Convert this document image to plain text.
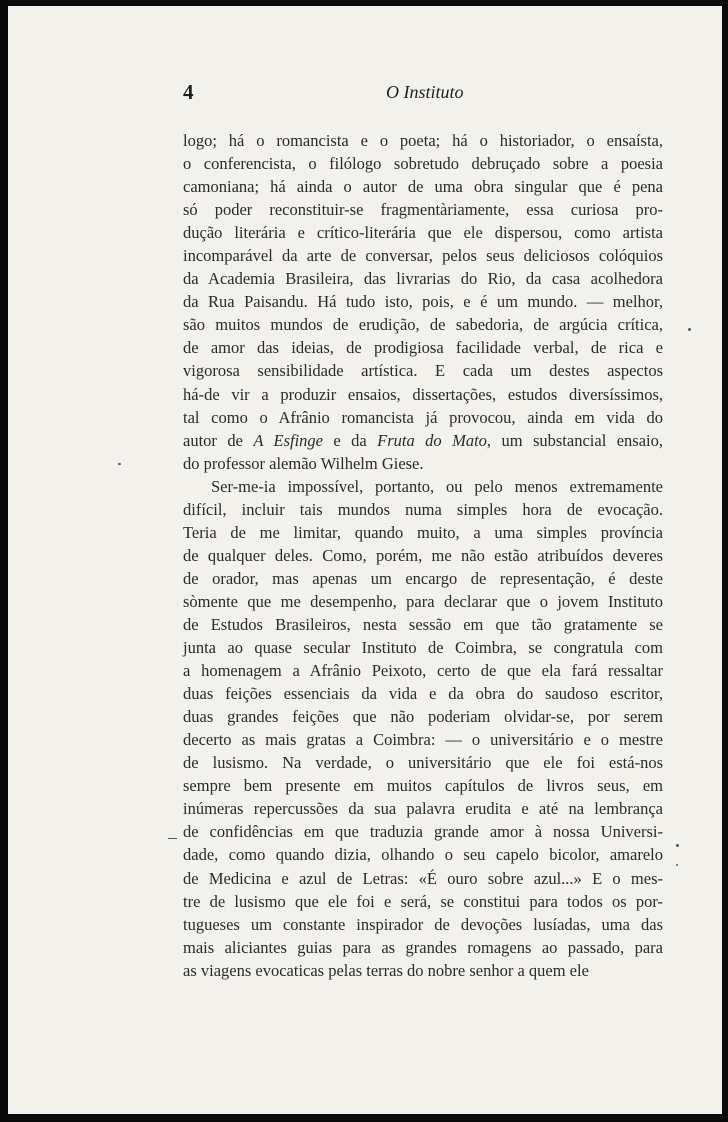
4	O Instituto
logo; há o romancista e o poeta; há o historiador, o ensaísta,
o conferencista, o filólogo sobretudo debruçado sobre a poesia
camoniana; há ainda o autor de uma obra singular que é pena
só poder reconstituir-se fragmentàriamente, essa curiosa pro-
dução literária e crítico-literária que ele dispersou, como artista
incomparável da arte de conversar, pelos seus deliciosos colóquios
da Academia Brasileira, das livrarias do Rio, da casa acolhedora
da Rua Paisandu. Há tudo isto, pois, e é um mundo. — melhor,
são muitos mundos de erudição, de sabedoria, de argúcia crítica,
de amor das ideias, de prodigiosa facilidade verbal, de rica e
vigorosa sensibilidade artística. E cada um destes aspectos
há-de vir a produzir ensaios, dissertações, estudos diversíssimos,
tal como o Afrânio romancista já provocou, ainda em vida do
autor de A Esfinge e da Fruta do Mato, um substancial ensaio,
do professor alemão Wilhelm Giese.
Ser-me-ia impossível, portanto, ou pelo menos extremamente
difícil, incluir tais mundos numa simples hora de evocação.
Teria de me limitar, quando muito, a uma simples província
de qualquer deles. Como, porém, me não estão atribuídos deveres
de orador, mas apenas um encargo de representação, é deste
sòmente que me desempenho, para declarar que o jovem Instituto
de Estudos Brasileiros, nesta sessão em que tão gratamente se
junta ao quase secular Instituto de Coimbra, se congratula com
a homenagem a Afrânio Peixoto, certo de que ela fará ressaltar
duas feições essenciais da vida e da obra do saudoso escritor,
duas grandes feições que não poderiam olvidar-se, por serem
decerto as mais gratas a Coimbra: — o universitário e o mestre
de lusismo. Na verdade, o universitário que ele foi está-nos
sempre bem presente em muitos capítulos de livros seus, em
inúmeras repercussões da sua palavra erudita e até na lembrança
de confidências em que traduzia grande amor à nossa Universi-
dade, como quando dizia, olhando o seu capelo bicolor, amarelo
de Medicina e azul de Letras: «É ouro sobre azul...» E o mes-
tre de lusismo que ele foi e será, se constitui para todos os por-
tugueses um constante inspirador de devoções lusíadas, uma das
mais aliciantes guias para as grandes romagens ao passado, para
as viagens evocaticas pelas terras do nobre senhor a quem ele
